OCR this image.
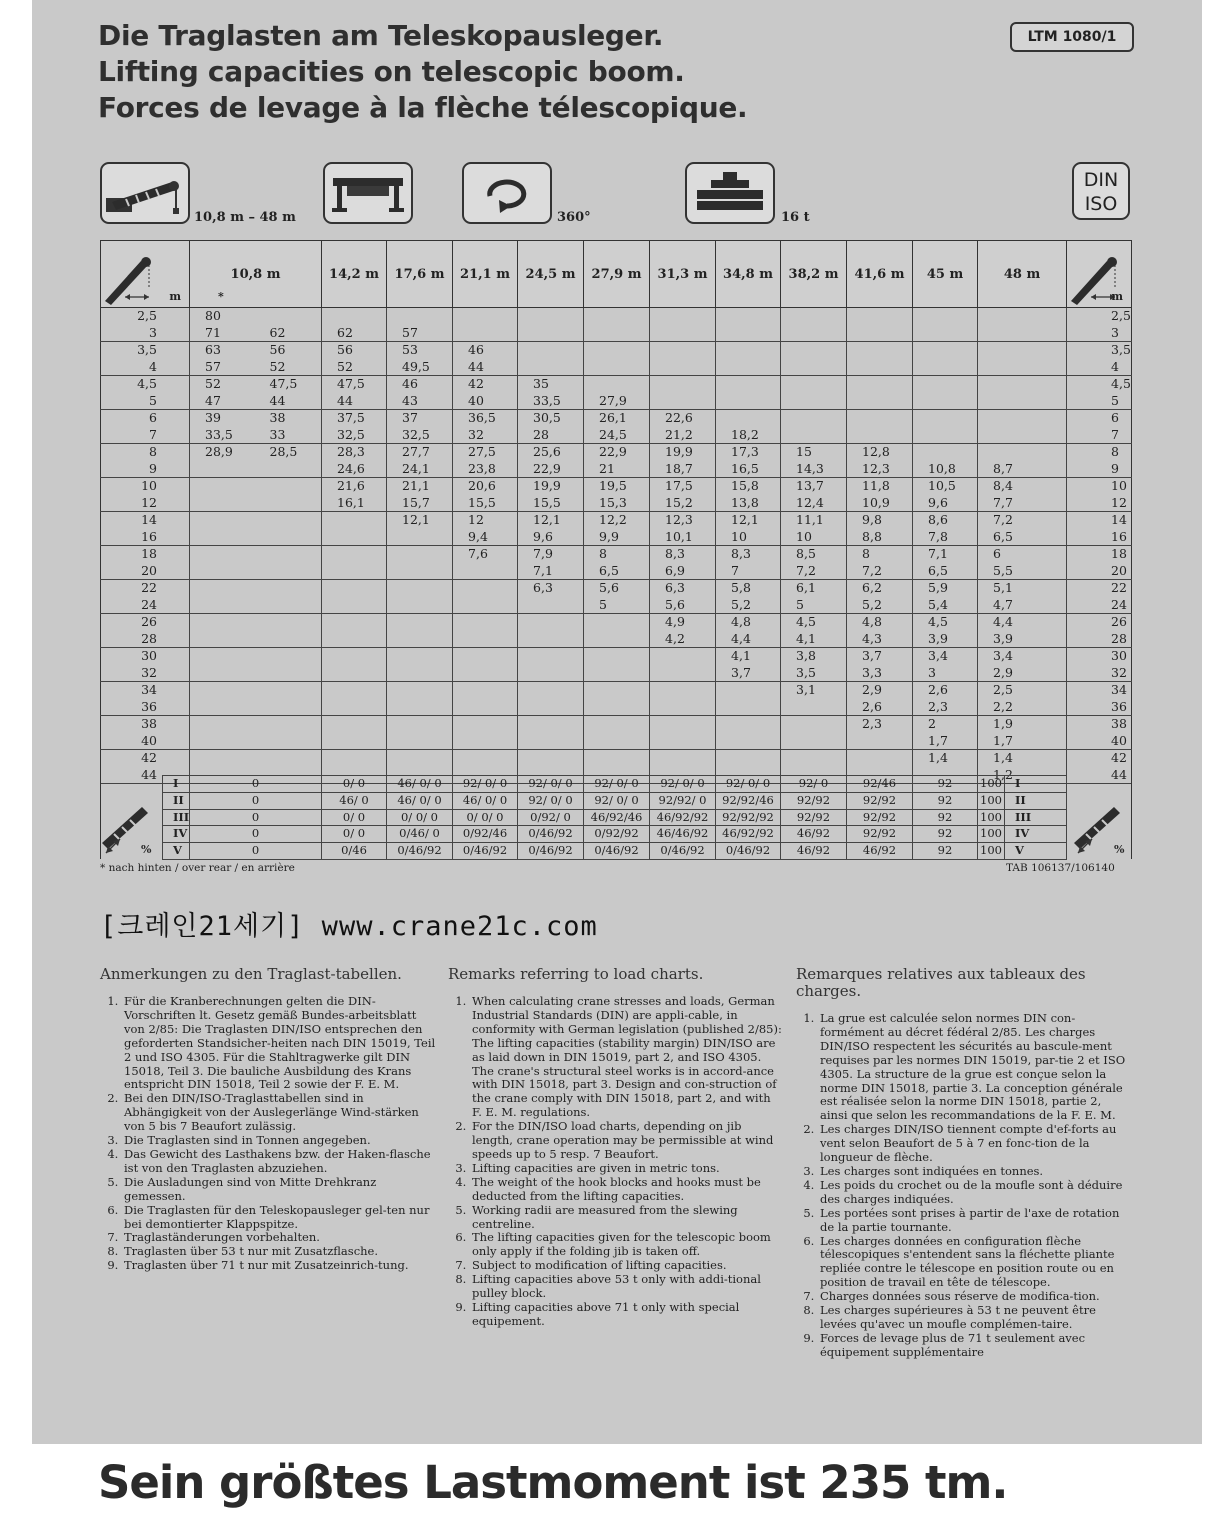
Die Traglasten am Teleskopausleger.
Lifting capacities on telescopic boom.
Forces de levage à la flèche télescopique.
LTM 1080/1
10,8 m – 48 m	360°	16 t
DIN
ISO
m	10,8 m
*		14,2 m	17,6 m	21,1 m	24,5 m	27,9 m	31,3 m	34,8 m	38,2 m	41,6 m	45 m	48 m	m

2,5	80													2,5
3	71	62	62	57										3
3,5	63	56	56	53	46									3,5
4	57	52	52	49,5	44									4
4,5	52	47,5	47,5	46	42	35								4,5
5	47	44	44	43	40	33,5	27,9							5
6	39	38	37,5	37	36,5	30,5	26,1	22,6						6
7	33,5	33	32,5	32,5	32	28	24,5	21,2	18,2					7
8	28,9	28,5	28,3	27,7	27,5	25,6	22,9	19,9	17,3	15	12,8			8
9			24,6	24,1	23,8	22,9	21	18,7	16,5	14,3	12,3	10,8	8,7	9
10			21,6	21,1	20,6	19,9	19,5	17,5	15,8	13,7	11,8	10,5	8,4	10
12			16,1	15,7	15,5	15,5	15,3	15,2	13,8	12,4	10,9	9,6	7,7	12
14				12,1	12	12,1	12,2	12,3	12,1	11,1	9,8	8,6	7,2	14
16					9,4	9,6	9,9	10,1	10	10	8,8	7,8	6,5	16
18					7,6	7,9	8	8,3	8,3	8,5	8	7,1	6	18
20						7,1	6,5	6,9	7	7,2	7,2	6,5	5,5	20
22						6,3	5,6	6,3	5,8	6,1	6,2	5,9	5,1	22
24							5	5,6	5,2	5	5,2	5,4	4,7	24
26								4,9	4,8	4,5	4,8	4,5	4,4	26
28								4,2	4,4	4,1	4,3	3,9	3,9	28
30									4,1	3,8	3,7	3,4	3,4	30
32									3,7	3,5	3,3	3	2,9	32
34										3,1	2,9	2,6	2,5	34
36											2,6	2,3	2,2	36
38											2,3	2	1,9	38
40												1,7	1,7	40
42												1,4	1,4	42
44													1,2	44
	I	0	0/ 0	46/ 0/ 0	92/ 0/ 0	92/ 0/ 0	92/ 0/ 0	92/ 0/ 0	92/ 0/ 0	92/ 0	92/46	92	100	I	
	II	0	46/ 0	46/ 0/ 0	46/ 0/ 0	92/ 0/ 0	92/ 0/ 0	92/92/ 0	92/92/46	92/92	92/92	92	100	II	
	III	0	0/ 0	0/ 0/ 0	0/ 0/ 0	0/92/ 0	46/92/46	46/92/92	92/92/92	92/92	92/92	92	100	III	
	IV	0	0/ 0	0/46/ 0	0/92/46	0/46/92	0/92/92	46/46/92	46/92/92	46/92	92/92	92	100	IV	
	V	0	0/46	0/46/92	0/46/92	0/46/92	0/46/92	0/46/92	0/46/92	46/92	46/92	92	100	V	
%	%
* nach hinten / over rear / en arrière	TAB 106137/106140
[크레인21세기] www.crane21c.com
Anmerkungen zu den Traglast-tabellen.
1. Für die Kranberechnungen gelten die DIN-Vorschriften lt. Gesetz gemäß Bundes-arbeitsblatt von 2/85: Die Traglasten DIN/ISO entsprechen den geforderten Standsicher-heiten nach DIN 15019, Teil 2 und ISO 4305. Für die Stahltragwerke gilt DIN 15018, Teil 3. Die bauliche Ausbildung des Krans entspricht DIN 15018, Teil 2 sowie der F. E. M.
2. Bei den DIN/ISO-Traglasttabellen sind in Abhängigkeit von der Auslegerlänge Wind-stärken von 5 bis 7 Beaufort zulässig.
3. Die Traglasten sind in Tonnen angegeben.
4. Das Gewicht des Lasthakens bzw. der Haken-flasche ist von den Traglasten abzuziehen.
5. Die Ausladungen sind von Mitte Drehkranz gemessen.
6. Die Traglasten für den Teleskopausleger gel-ten nur bei demontierter Klappspitze.
7. Traglaständerungen vorbehalten.
8. Traglasten über 53 t nur mit Zusatzflasche.
9. Traglasten über 71 t nur mit Zusatzeinrich-tung.
Remarks referring to load charts.
1. When calculating crane stresses and loads, German Industrial Standards (DIN) are appli-cable, in conformity with German legislation (published 2/85): The lifting capacities (stability margin) DIN/ISO are as laid down in DIN 15019, part 2, and ISO 4305. The crane's structural steel works is in accord-ance with DIN 15018, part 3. Design and con-struction of the crane comply with DIN 15018, part 2, and with F. E. M. regulations.
2. For the DIN/ISO load charts, depending on jib length, crane operation may be permissible at wind speeds up to 5 resp. 7 Beaufort.
3. Lifting capacities are given in metric tons.
4. The weight of the hook blocks and hooks must be deducted from the lifting capacities.
5. Working radii are measured from the slewing centreline.
6. The lifting capacities given for the telescopic boom only apply if the folding jib is taken off.
7. Subject to modification of lifting capacities.
8. Lifting capacities above 53 t only with addi-tional pulley block.
9. Lifting capacities above 71 t only with special equipement.
Remarques relatives aux tableaux des charges.
1. La grue est calculée selon normes DIN con-formément au décret fédéral 2/85. Les charges DIN/ISO respectent les sécurités au bascule-ment requises par les normes DIN 15019, par-tie 2 et ISO 4305. La structure de la grue est conçue selon la norme DIN 15018, partie 3. La conception générale est réalisée selon la norme DIN 15018, partie 2, ainsi que selon les recommandations de la F. E. M.
2. Les charges DIN/ISO tiennent compte d'ef-forts au vent selon Beaufort de 5 à 7 en fonc-tion de la longueur de flèche.
3. Les charges sont indiquées en tonnes.
4. Les poids du crochet ou de la moufle sont à déduire des charges indiquées.
5. Les portées sont prises à partir de l'axe de rotation de la partie tournante.
6. Les charges données en configuration flèche télescopiques s'entendent sans la fléchette pliante repliée contre le télescope en position route ou en position de travail en tête de télescope.
7. Charges données sous réserve de modifica-tion.
8. Les charges supérieures à 53 t ne peuvent être levées qu'avec un moufle complémen-taire.
9. Forces de levage plus de 71 t seulement avec équipement supplémentaire
Sein größtes Lastmoment ist 235 tm.
